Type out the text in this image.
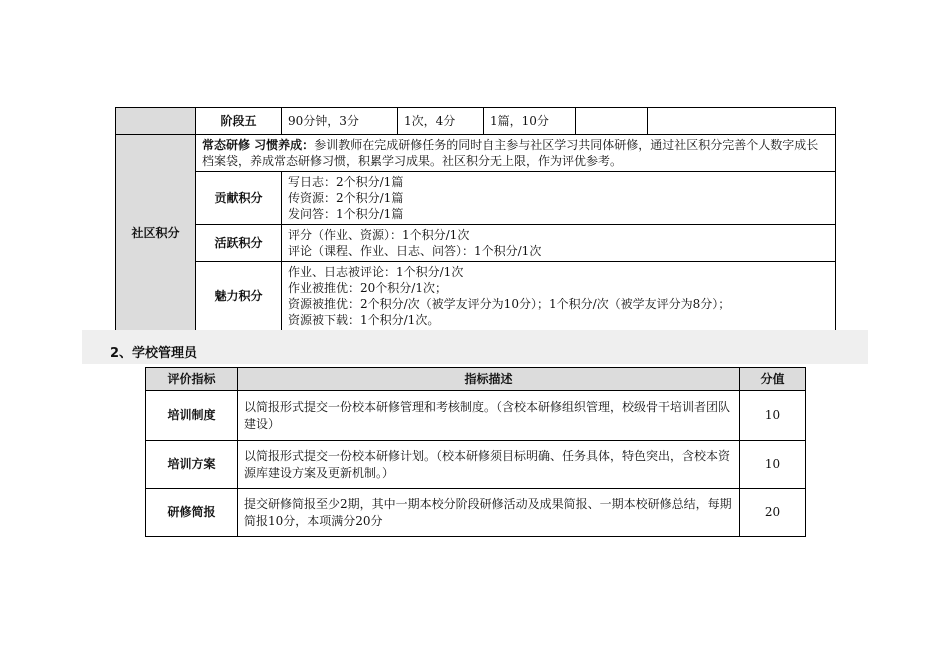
	阶段五	90分钟，3分	1次，4分	1篇，10分		
社区积分	常态研修 习惯养成：参训教师在完成研修任务的同时自主参与社区学习共同体研修，通过社区积分完善个人数字成长档案袋，养成常态研修习惯，积累学习成果。社区积分无上限，作为评优参考。					
	贡献积分	写日志：2个积分/1篇
传资源：2个积分/1篇
发问答：1个积分/1篇				

	活跃积分	评分（作业、资源）：1个积分/1次
评论（课程、作业、日志、问答）：1个积分/1次				

	魅力积分	作业、日志被评论：1个积分/1次
作业被推优：20个积分/1次；
资源被推优：2个积分/次（被学友评分为10分）；1个积分/次（被学友评分为8分）；
资源被下载：1个积分/1次。				
2、学校管理员
评价指标	指标描述	分值
培训制度	以简报形式提交一份校本研修管理和考核制度。（含校本研修组织管理，校级骨干培训者团队建设）	10
培训方案	以简报形式提交一份校本研修计划。（校本研修须目标明确、任务具体，特色突出，含校本资源库建设方案及更新机制。）	10
研修简报	提交研修简报至少2期，其中一期本校分阶段研修活动及成果简报、一期本校研修总结，每期简报10分，本项满分20分	20
